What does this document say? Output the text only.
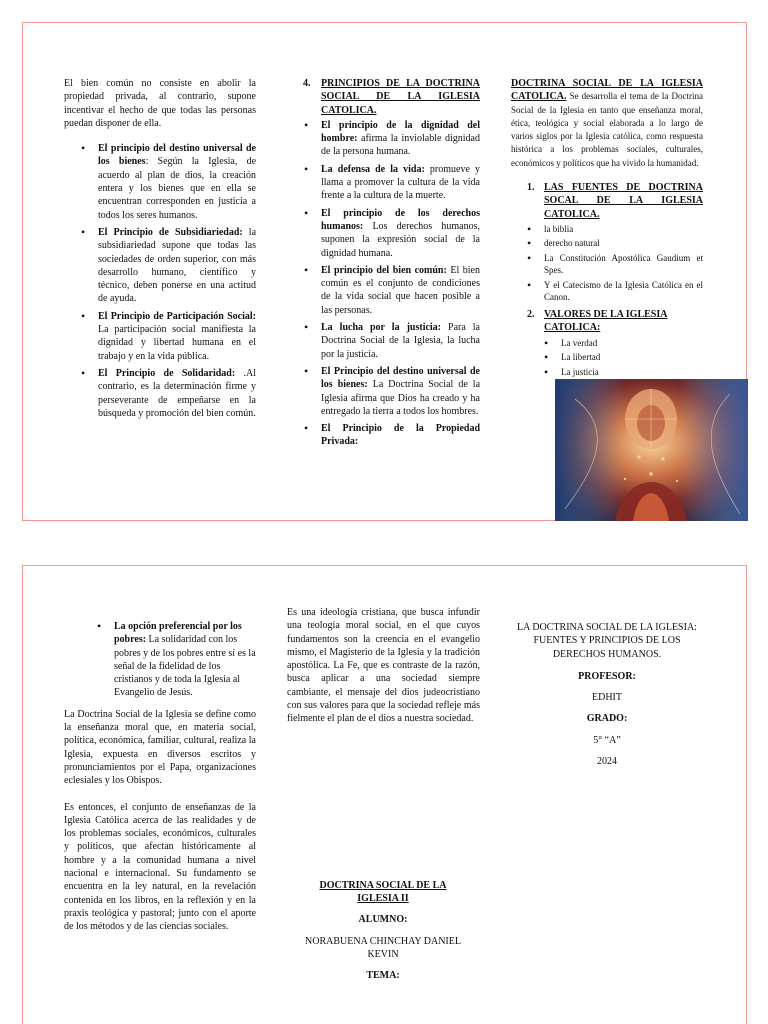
El bien común no consiste en abolir la propiedad privada, al contrario, supone incentivar el hecho de que todas las personas puedan disponer de ella.

• El principio del destino universal de los bienes: Según la Iglesia, de acuerdo al plan de dios, la creación entera y los bienes que en ella se encuentran corresponden en justicia a todos los seres humanos.
• El Principio de Subsidiariedad: la subsidiariedad supone que todas las sociedades de orden superior, con más desarrollo humano, científico y técnico, deben ponerse en una actitud de ayuda.
• El Principio de Participación Social: La participación social manifiesta la dignidad y libertad humana en el trabajo y en la vida pública.
• El Principio de Solidaridad: .Al contrario, es la determinación firme y perseverante de empeñarse en la búsqueda y promoción del bien común.
4. PRINCIPIOS DE LA DOCTRINA SOCIAL DE LA IGLESIA CATOLICA.
• El principio de la dignidad del hombre: afirma la inviolable dignidad de la persona humana.
• La defensa de la vida: promueve y llama a promover la cultura de la vida frente a la cultura de la muerte.
• El principio de los derechos humanos: Los derechos humanos, suponen la expresión social de la dignidad humana.
• El principio del bien común: El bien común es el conjunto de condiciones de la vida social que hacen posible a las personas.
• La lucha por la justicia: Para la Doctrina Social de la Iglesia, la lucha por la justicia.
• El Principio del destino universal de los bienes: La Doctrina Social de la Iglesia afirma que Dios ha creado y ha entregado la tierra a todos los hombres.
• El Principio de la Propiedad Privada:

DOCTRINA SOCIAL DE LA IGLESIA CATOLICA. Se desarrolla el tema de la Doctrina Social de la Iglesia en tanto que enseñanza moral, ética, teológica y social elaborada a lo largo de varios siglos por la Iglesia católica, como respuesta histórica a los problemas sociales, culturales, económicos y políticos que ha vivido la humanidad.

1. LAS FUENTES DE DOCTRINA SOCAL DE LA IGLESIA CATOLICA.
• la biblia
• derecho natural
• La Constitución Apostólica Gaudium et Spes.
• Y el Catecismo de la Iglesia Católica en el Canon.
2. VALORES DE LA IGLESIA CATOLICA:
• La verdad
• La libertad
• La justicia
• La opción preferencial por los pobres: La solidaridad con los pobres y de los pobres entre sí es la señal de la fidelidad de los cristianos y de toda la Iglesia al Evangelio de Jesús.

La Doctrina Social de la Iglesia se define como la enseñanza moral que, en materia social, política, económica, familiar, cultural, realiza la Iglesia, expuesta en diversos escritos y pronunciamientos por el Papa, organizaciones eclesiales y los Obispos.

Es entonces, el conjunto de enseñanzas de la Iglesia Católica acerca de las realidades y de los problemas sociales, económicos, culturales y políticos, que afectan históricamente al hombre y a la comunidad humana a nivel nacional e internacional. Su fundamento se encuentra en la ley natural, en la revelación contenida en los libros, en la reflexión y en la praxis teológica y pastoral; junto con el aporte de los métodos y de las ciencias sociales.

Es una ideología cristiana, que busca infundir una teología moral social, en el que cuyos fundamentos son la creencia en el evangelio mismo, el Magisterio de la Iglesia y la tradición apostólica. La Fe, que es contraste de la razón, busca aplicar a una sociedad siempre cambiante, el mensaje del dios judeocristiano con sus valores para que la sociedad refleje más fielmente el plan de el dios a nuestra sociedad.

DOCTRINA SOCIAL DE LA IGLESIA II

ALUMNO:

NORABUENA CHINCHAY DANIEL KEVIN

TEMA:

LA DOCTRINA SOCIAL DE LA IGLESIA: FUENTES Y PRINCIPIOS DE LOS DERECHOS HUMANOS.

PROFESOR:

EDHIT

GRADO:

5° “A”

2024
